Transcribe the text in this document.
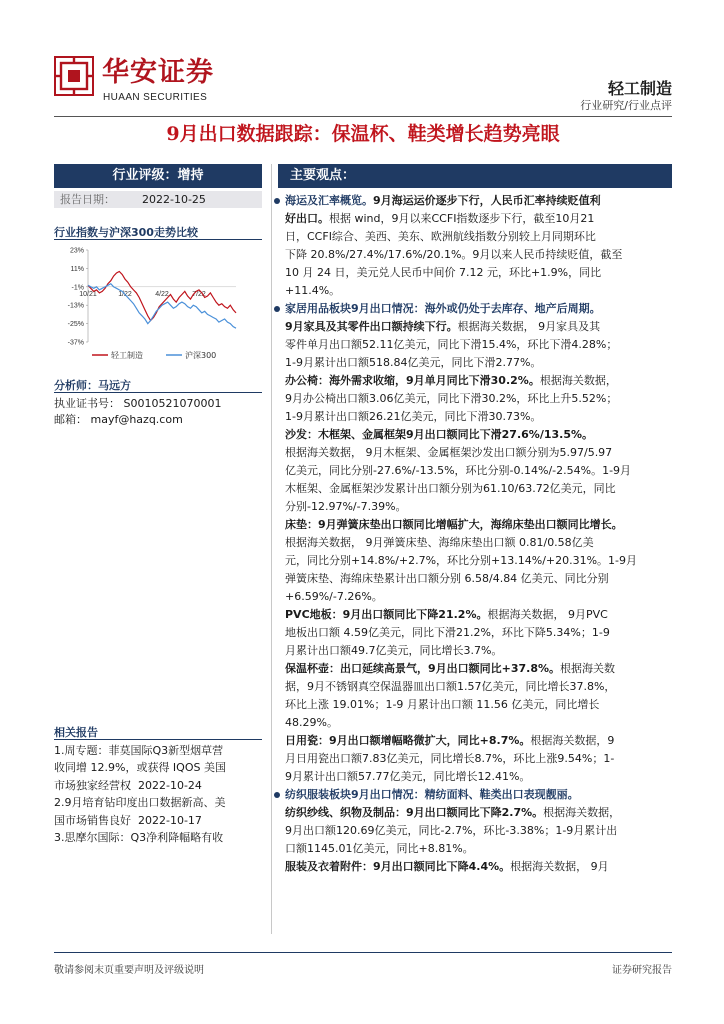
华安证券
HUAAN SECURITIES	轻工制造
行业研究/行业点评
9月出口数据跟踪：保温杯、鞋类增长趋势亮眼
行业评级：增持
报告日期： 2022-10-25
行业指数与沪深300走势比较
23%
11%
-1%
-13%
-25%
-37%
10/21	1/22	4/22	7/22
轻工制造	沪深300
分析师：马远方
执业证书号： S0010521070001
邮箱： mayf@hazq.com
相关报告
1.周专题：菲莫国际Q3新型烟草营
收同增 12.9%，或获得 IQOS 美国
市场独家经营权  2022-10-24
2.9月培育钻印度出口数据新高、美
国市场销售良好  2022-10-17
3.思摩尔国际：Q3净利降幅略有收
主要观点：
海运及汇率概览。9月海运运价逐步下行，人民币汇率持续贬值利
好出口。根据 wind，9月以来CCFI指数逐步下行，截至10月21
日，CCFI综合、美西、美东、欧洲航线指数分别较上月同期环比
下降 20.8%/27.4%/17.6%/20.1%。9月以来人民币持续贬值，截至
10 月 24 日，美元兑人民币中间价 7.12 元，环比+1.9%，同比
+11.4%。
家居用品板块9月出口情况：海外或仍处于去库存、地产后周期。
9月家具及其零件出口额持续下行。根据海关数据， 9月家具及其
零件单月出口额52.11亿美元，同比下滑15.4%，环比下滑4.28%；
1-9月累计出口额518.84亿美元，同比下滑2.77%。
办公椅：海外需求收缩，9月单月同比下滑30.2%。根据海关数据，
9月办公椅出口额3.06亿美元，同比下滑30.2%，环比上升5.52%；
1-9月累计出口额26.21亿美元，同比下滑30.73%。
沙发：木框架、金属框架9月出口额同比下滑27.6%/13.5%。
根据海关数据， 9月木框架、金属框架沙发出口额分别为5.97/5.97
亿美元，同比分别-27.6%/-13.5%，环比分别-0.14%/-2.54%。1-9月
木框架、金属框架沙发累计出口额分别为61.10/63.72亿美元，同比
分别-12.97%/-7.39%。
床垫：9月弹簧床垫出口额同比增幅扩大，海绵床垫出口额同比增长。
根据海关数据， 9月弹簧床垫、海绵床垫出口额 0.81/0.58亿美
元，同比分别+14.8%/+2.7%，环比分别+13.14%/+20.31%。1-9月
弹簧床垫、海绵床垫累计出口额分别 6.58/4.84 亿美元、同比分别
+6.59%/-7.26%。
PVC地板：9月出口额同比下降21.2%。根据海关数据， 9月PVC
地板出口额 4.59亿美元，同比下滑21.2%，环比下降5.34%；1-9
月累计出口额49.7亿美元，同比增长3.7%。
保温杯壶：出口延续高景气，9月出口额同比+37.8%。根据海关数
据，9月不锈钢真空保温器皿出口额1.57亿美元，同比增长37.8%，
环比上涨 19.01%；1-9 月累计出口额 11.56 亿美元，同比增长
48.29%。
日用瓷：9月出口额增幅略微扩大，同比+8.7%。根据海关数据，9
月日用瓷出口额7.83亿美元，同比增长8.7%，环比上涨9.54%；1-
9月累计出口额57.77亿美元，同比增长12.41%。
纺织服装板块9月出口情况：精纺面料、鞋类出口表现靓丽。
纺织纱线、织物及制品：9月出口额同比下降2.7%。根据海关数据，
9月出口额120.69亿美元，同比-2.7%，环比-3.38%；1-9月累计出
口额1145.01亿美元，同比+8.81%。
服装及衣着附件：9月出口额同比下降4.4%。根据海关数据， 9月
敬请参阅末页重要声明及评级说明	证券研究报告
